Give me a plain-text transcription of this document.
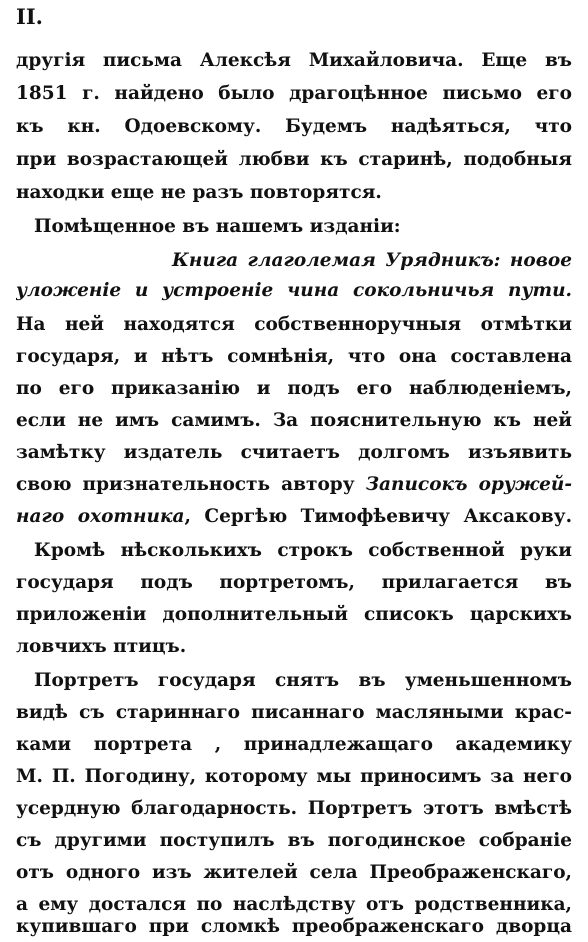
II.
другія письма Алексѣя Михайловича. Еще въ
1851 г. найдено было драгоцѣнное письмо его
къ кн. Одоевскому. Будемъ надѣяться, что
при возрастающей любви къ старинѣ, подобныя
находки еще не разъ повторятся.
Помѣщенное въ нашемъ изданіи:
Книга глаголемая Урядникъ: новое
уложеніе и устроеніе чина сокольничья пути.
На ней находятся собственноручныя отмѣтки
государя, и нѣтъ сомнѣнія, что она составлена
по его приказанію и подъ его наблюденіемъ,
если не имъ самимъ. За пояснительную къ ней
замѣтку издатель считаетъ долгомъ изъявить
свою признательность автору Записокъ оружей-
наго охотника, Сергѣю Тимофѣевичу Аксакову.
Кромѣ нѣсколькихъ строкъ собственной руки
государя подъ портретомъ, прилагается въ
приложеніи дополнительный списокъ царскихъ
ловчихъ птицъ.
Портретъ государя снятъ въ уменьшенномъ
видѣ съ стариннаго писаннаго масляными крас-
ками портрета , принадлежащаго академику
М. П. Погодину, которому мы приносимъ за него
усердную благодарность. Портретъ этотъ вмѣстѣ
съ другими поступилъ въ погодинское собраніе
отъ одного изъ жителей села Преображенскаго,
а ему достался по наслѣдству отъ родственника,
купившаго при сломкѣ преображенскаго дворца
